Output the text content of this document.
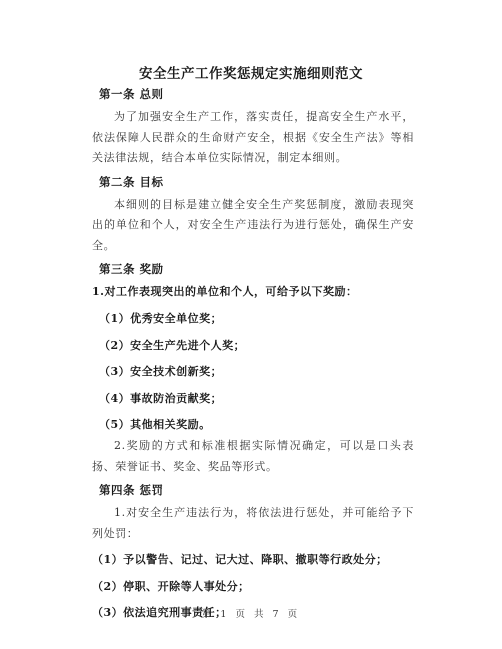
安全生产工作奖惩规定实施细则范文
第一条 总则

为了加强安全生产工作，落实责任，提高安全生产水平，依法保障人民群众的生命财产安全，根据《安全生产法》等相关法律法规，结合本单位实际情况，制定本细则。

第二条 目标

本细则的目标是建立健全安全生产奖惩制度，激励表现突出的单位和个人，对安全生产违法行为进行惩处，确保生产安全。

第三条 奖励
1.对工作表现突出的单位和个人，可给予以下奖励：
（1）优秀安全单位奖；
（2）安全生产先进个人奖；
（3）安全技术创新奖；
（4）事故防治贡献奖；
（5）其他相关奖励。

2.奖励的方式和标准根据实际情况确定，可以是口头表扬、荣誉证书、奖金、奖品等形式。

第四条 惩罚

1.对安全生产违法行为，将依法进行惩处，并可能给予下列处罚：

（1）予以警告、记过、记大过、降职、撤职等行政处分；
（2）停职、开除等人事处分；
（3）依法追究刑事责任；
第 1 页 共 7 页
